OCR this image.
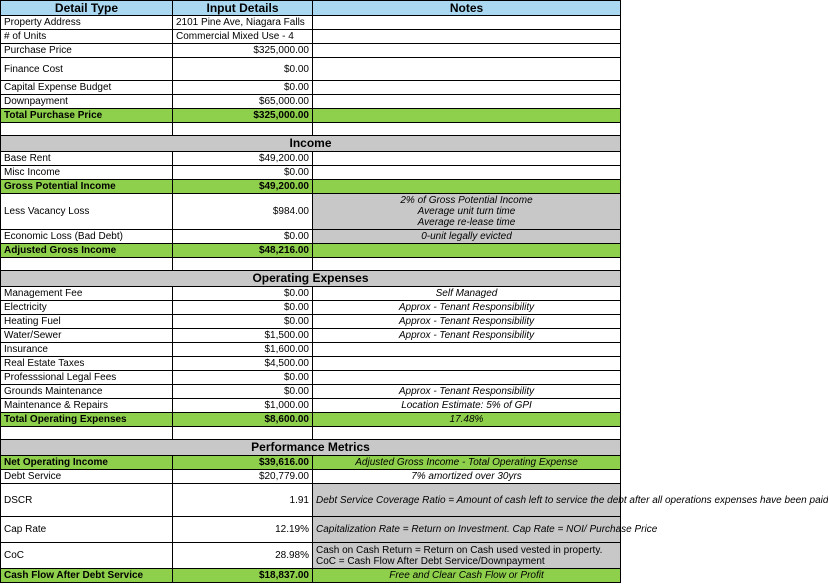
Detail Type	Input Details	Notes
Property Address	2101 Pine Ave, Niagara Falls	
# of Units	Commercial Mixed Use - 4	
Purchase Price	$325,000.00	
Finance Cost	$0.00	
Capital Expense Budget	$0.00	
Downpayment	$65,000.00	
Total Purchase Price	$325,000.00	

Income		
Base Rent	$49,200.00	
Misc Income	$0.00	
Gross Potential Income	$49,200.00	
Less Vacancy Loss	$984.00	2% of Gross Potential Income
Average unit turn time
Average re-lease time
Economic Loss (Bad Debt)	$0.00	0-unit legally evicted
Adjusted Gross Income	$48,216.00	

Operating Expenses		
Management Fee	$0.00	Self Managed
Electricity	$0.00	Approx - Tenant Responsibility
Heating Fuel	$0.00	Approx - Tenant Responsibility
Water/Sewer	$1,500.00	Approx - Tenant Responsibility
Insurance	$1,600.00	
Real Estate Taxes	$4,500.00	
Professsional Legal Fees	$0.00	
Grounds Maintenance	$0.00	Approx - Tenant Responsibility
Maintenance & Repairs	$1,000.00	Location Estimate: 5% of GPI
Total Operating Expenses	$8,600.00	17.48%

Performance Metrics		
Net Operating Income	$39,616.00	Adjusted Gross Income - Total Operating Expense
Debt Service	$20,779.00	7% amortized over 30yrs
DSCR	1.91	Debt Service Coverage Ratio = Amount of cash left to service the debt after all operations expenses have been paid
Cap Rate	12.19%	Capitalization Rate = Return on Investment. Cap Rate = NOI/ Purchase Price
CoC	28.98%	Cash on Cash Return = Return on Cash used vested in property.
CoC = Cash Flow After Debt Service/Downpayment
Cash Flow After Debt Service	$18,837.00	Free and Clear Cash Flow or Profit
